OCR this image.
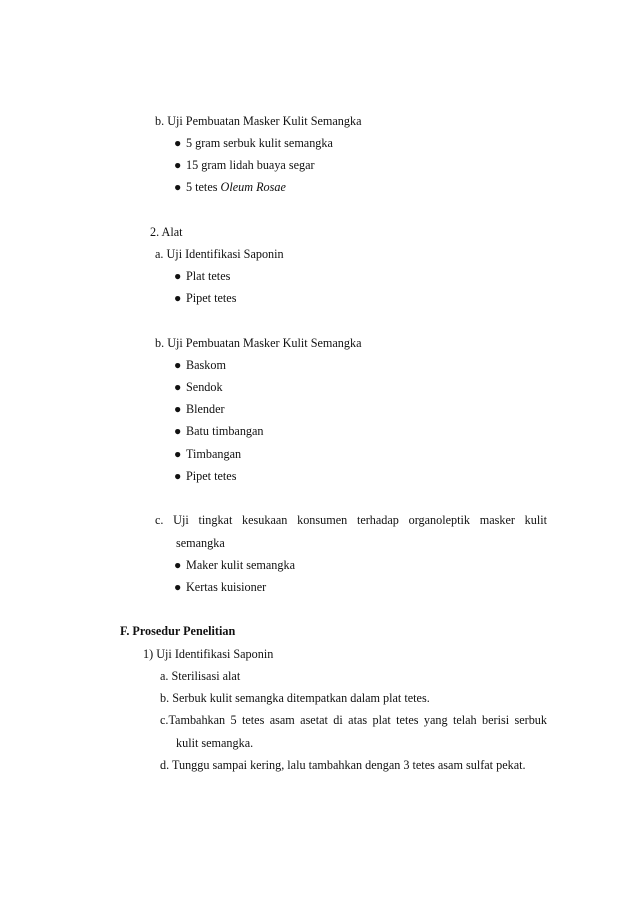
b. Uji Pembuatan Masker Kulit Semangka
● 5 gram serbuk kulit semangka
● 15 gram lidah buaya segar
● 5 tetes Oleum Rosae
2. Alat
a. Uji Identifikasi Saponin
● Plat tetes
● Pipet tetes
b. Uji Pembuatan Masker Kulit Semangka
● Baskom
● Sendok
● Blender
● Batu timbangan
● Timbangan
● Pipet tetes
c. Uji tingkat kesukaan konsumen terhadap organoleptik masker kulit
semangka
● Maker kulit semangka
● Kertas kuisioner
F. Prosedur Penelitian
1) Uji Identifikasi Saponin
a. Sterilisasi alat
b. Serbuk kulit semangka ditempatkan dalam plat tetes.
c.Tambahkan 5 tetes asam asetat di atas plat tetes yang telah berisi serbuk
kulit semangka.
d. Tunggu sampai kering, lalu tambahkan dengan 3 tetes asam sulfat pekat.
